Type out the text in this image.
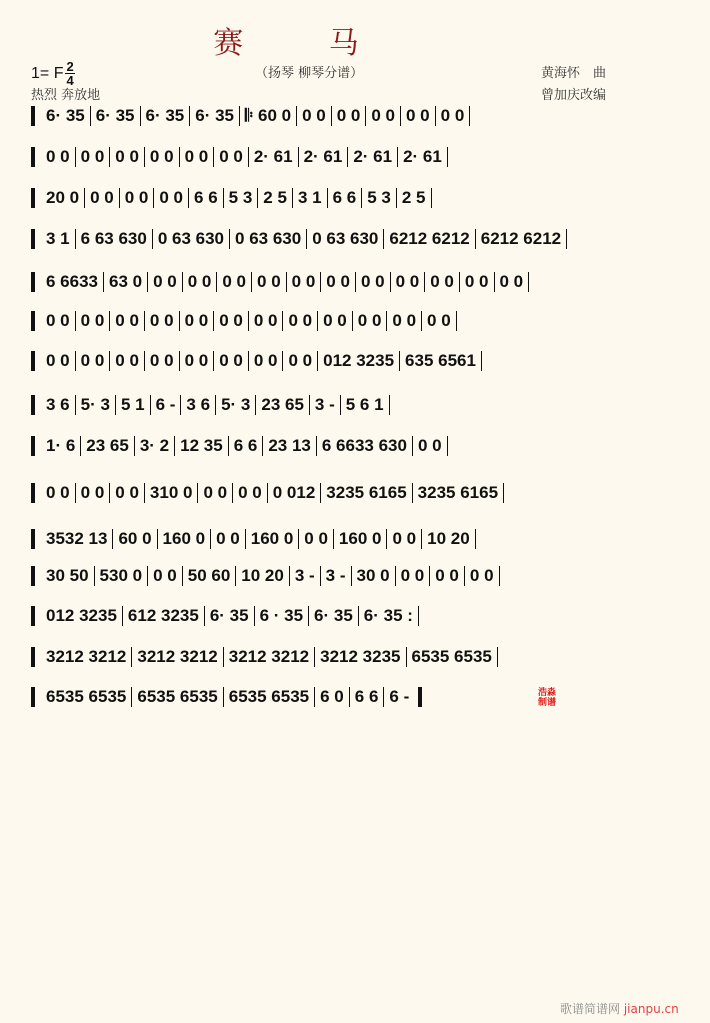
赛 马
1= F $\frac{2}{4}$	（扬琴 柳琴分谱）
热烈 奔放地
黄海怀　曲
曾加庆改编
6· 35 6· 35 6· 35 6· 35 𝄆 60 0 0 0 0 0 0 0 0 0 0 0
0 0 0 0 0 0 0 0 0 0 0 0 2· 61 2· 61 2· 61 2· 61
20 0 0 0 0 0 0 0 6 6 5 3 2 5 3 1 6 6 5 3 2 5
3 1 6 63 630 0 63 630 0 63 630 0 63 630 6212 6212 6212 6212
6 6633 63 0 0 0 0 0 0 0 0 0 0 0 0 0 0 0 0 0 0 0 0 0 0 0
0 0 0 0 0 0 0 0 0 0 0 0 0 0 0 0 0 0 0 0 0 0 0 0
0 0 0 0 0 0 0 0 0 0 0 0 0 0 0 0 012 3235 635 6561
3 6 5· 3 5 1 6 - 3 6 5· 3 23 65 3 - 5 6 1
1· 6 23 65 3· 2 12 35 6 6 23 13 6 6633 630 0 0
0 0 0 0 0 0 310 0 0 0 0 0 0 012 3235 6165 3235 6165
3532 13 60 0 160 0 0 0 160 0 0 0 160 0 0 0 10 20
30 50 530 0 0 0 50 60 10 20 3 - 3 - 30 0 0 0 0 0 0 0
012 3235 612 3235 6· 35 6 · 35 6· 35 6· 35 :
3212 3212 3212 3212 3212 3212 3212 3235 6535 6535
6535 6535 6535 6535 6535 6535 6 0 6 6 6 -	浩淼制谱
歌谱简谱网 jianpu.cn
